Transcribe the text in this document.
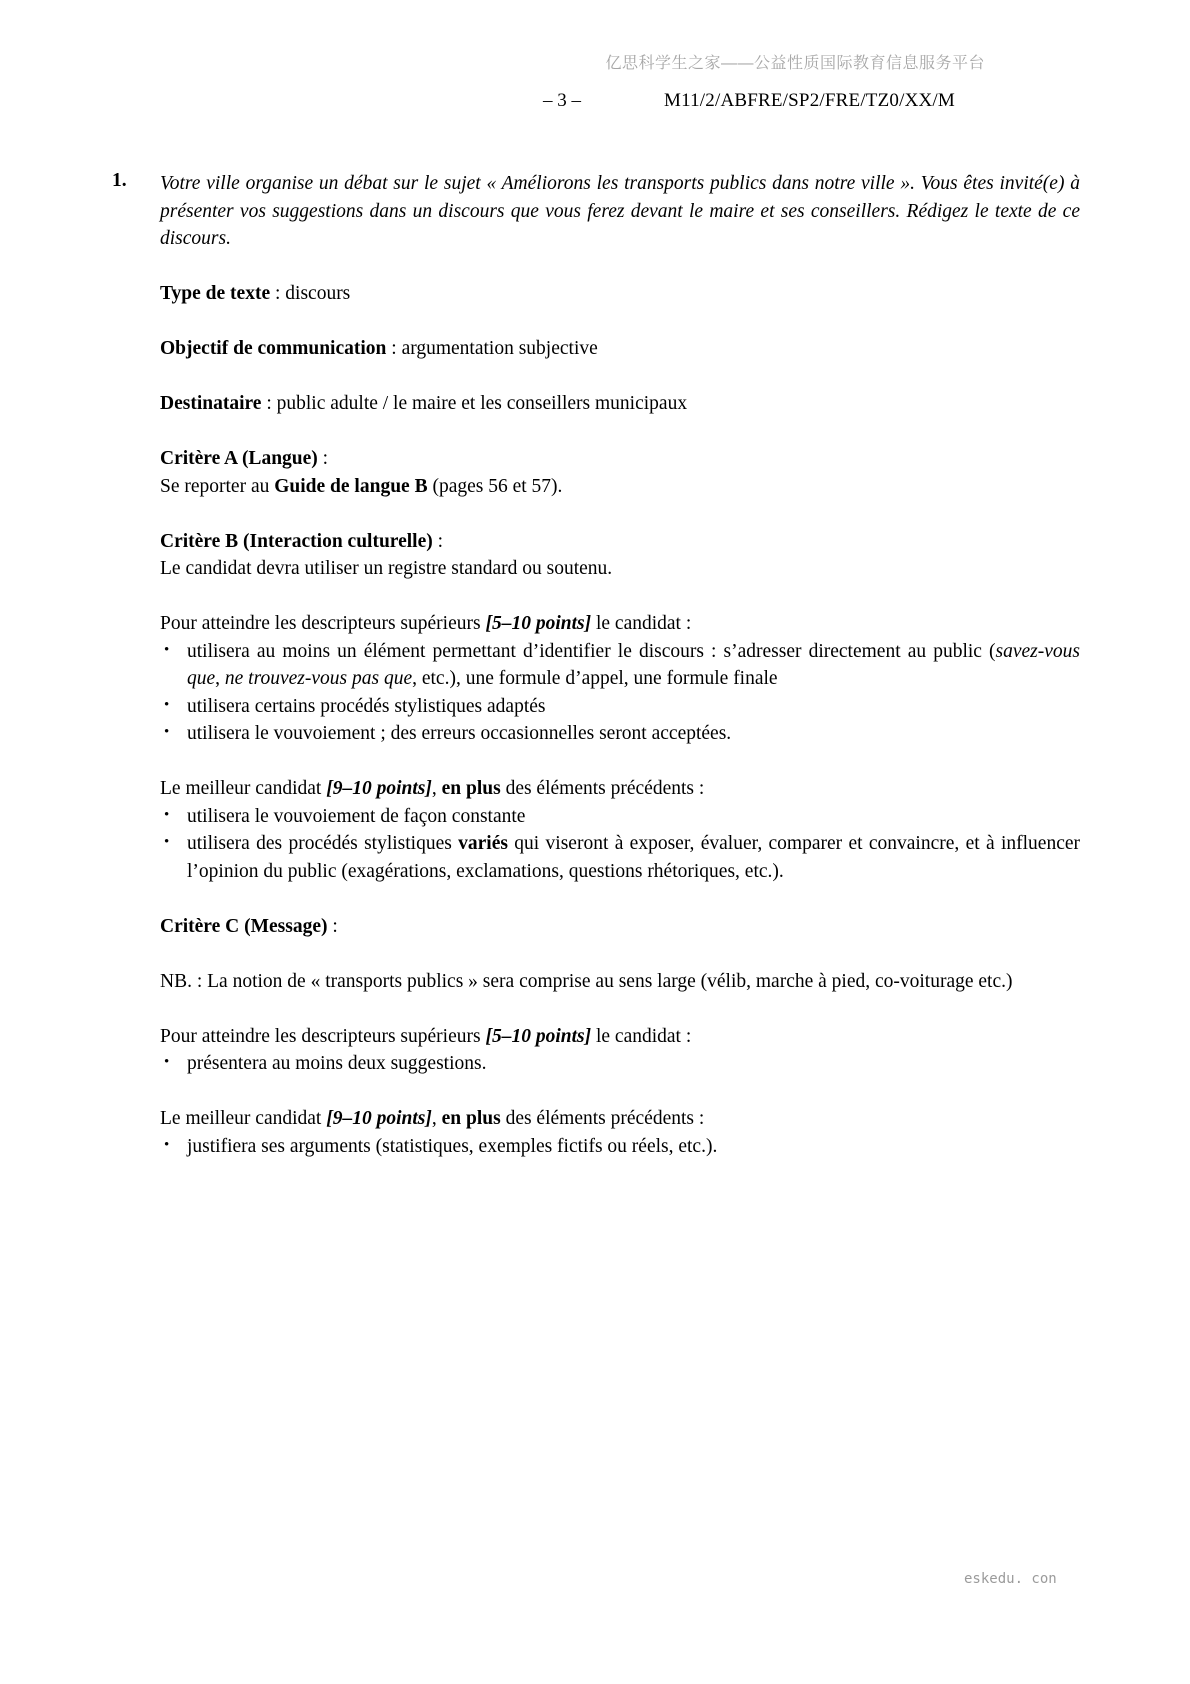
亿思科学生之家——公益性质国际教育信息服务平台
– 3 –	M11/2/ABFRE/SP2/FRE/TZ0/XX/M
1. Votre ville organise un débat sur le sujet « Améliorons les transports publics dans notre ville ». Vous êtes invité(e) à présenter vos suggestions dans un discours que vous ferez devant le maire et ses conseillers. Rédigez le texte de ce discours.

Type de texte : discours

Objectif de communication : argumentation subjective

Destinataire : public adulte / le maire et les conseillers municipaux

Critère A (Langue) :

Se reporter au Guide de langue B (pages 56 et 57).

Critère B (Interaction culturelle) :

Le candidat devra utiliser un registre standard ou soutenu.

Pour atteindre les descripteurs supérieurs [5–10 points] le candidat :

• utilisera au moins un élément permettant d’identifier le discours : s’adresser directement au public (savez-vous que, ne trouvez-vous pas que, etc.), une formule d’appel, une formule finale
• utilisera certains procédés stylistiques adaptés
• utilisera le vouvoiement ; des erreurs occasionnelles seront acceptées.

Le meilleur candidat [9–10 points], en plus des éléments précédents :

• utilisera le vouvoiement de façon constante
• utilisera des procédés stylistiques variés qui viseront à exposer, évaluer, comparer et convaincre, et à influencer l’opinion du public (exagérations, exclamations, questions rhétoriques, etc.).

Critère C (Message) :

NB. : La notion de « transports publics » sera comprise au sens large (vélib, marche à pied, co-voiturage etc.)

Pour atteindre les descripteurs supérieurs [5–10 points] le candidat :

• présentera au moins deux suggestions.

Le meilleur candidat [9–10 points], en plus des éléments précédents :

• justifiera ses arguments (statistiques, exemples fictifs ou réels, etc.).
eskedu. con
